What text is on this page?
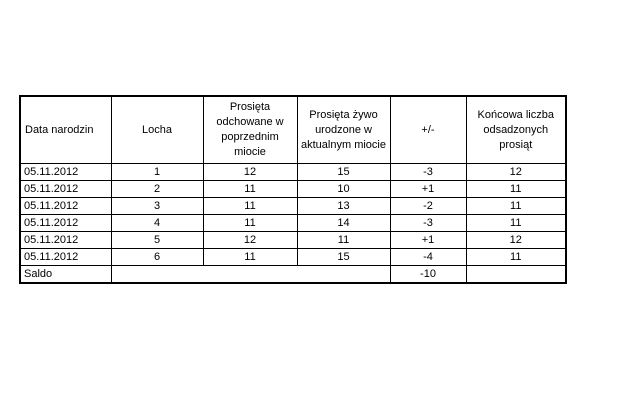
Data narodzin	Locha	Prosięta odchowane w poprzednim miocie	Prosięta żywo urodzone w aktualnym miocie	+/-	Końcowa liczba odsadzonych prosiąt
05.11.2012	1	12	15	-3	12
05.11.2012	2	11	10	+1	11
05.11.2012	3	11	13	-2	11
05.11.2012	4	11	14	-3	11
05.11.2012	5	12	11	+1	12
05.11.2012	6	11	15	-4	11
Saldo				-10	
